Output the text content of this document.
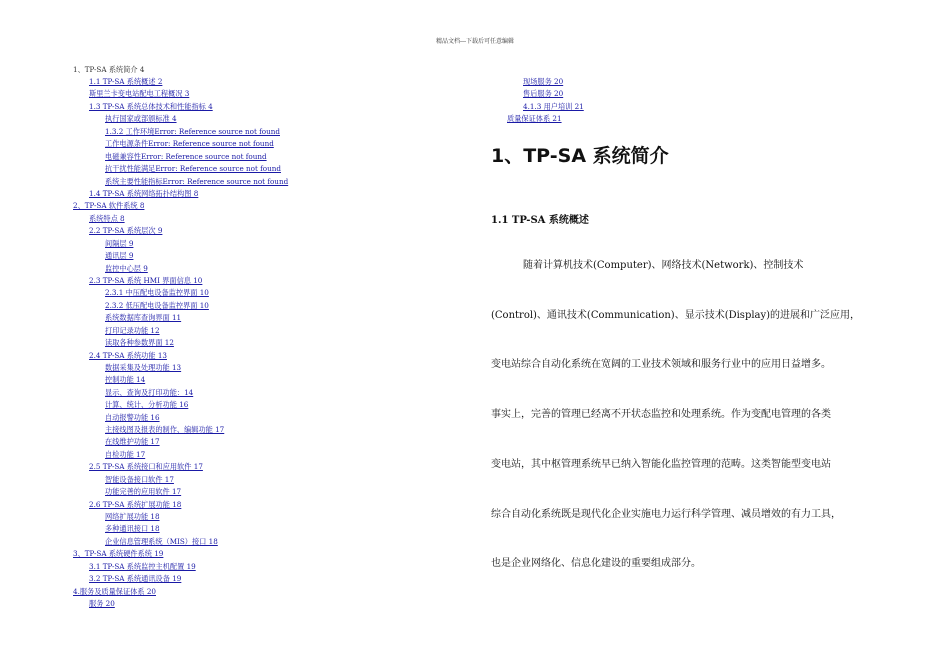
精品文档---下载后可任意编辑
1、TP-SA 系统简介 4
1.1 TP-SA 系统概述 2
斯里兰卡变电站配电工程概况 3
1.3 TP-SA 系统总体技术和性能指标 4
执行国家或部颁标准 4
1.3.2 工作环境Error: Reference source not found
工作电源条件Error: Reference source not found
电磁兼容性Error: Reference source not found
抗干扰性能满足Error: Reference source not found
系统主要性能指标Error: Reference source not found
1.4 TP-SA 系统网络拓扑结构图 8
2、TP-SA 软件系统 8
系统特点 8
2.2 TP-SA 系统层次 9
间隔层 9
通讯层 9
监控中心层 9
2.3 TP-SA 系统 HMI 界面信息 10
2.3.1 中压配电设备监控界面 10
2.3.2 低压配电设备监控界面 10
系统数据库查询界面 11
打印记录功能 12
读取各种参数界面 12
2.4 TP-SA 系统功能 13
数据采集及处理功能 13
控制功能 14
显示、查询及打印功能：14
计算、统计、分析功能 16
自动报警功能 16
主接线图及报表的制作、编辑功能 17
在线维护功能 17
自检功能 17
2.5 TP-SA 系统接口和应用软件 17
智能设备接口软件 17
功能完善的应用软件 17
2.6 TP-SA 系统扩展功能 18
网络扩展功能 18
多种通讯接口 18
企业信息管理系统（MIS）接口 18
3、TP-SA 系统硬件系统 19
3.1 TP-SA 系统监控主机配置 19
3.2 TP-SA 系统通讯设备 19
4.服务及质量保证体系 20
服务 20
现场服务 20
售后服务 20
4.1.3 用户培训 21
质量保证体系 21
1、TP-SA 系统简介
1.1 TP-SA 系统概述
随着计算机技术(Computer)、网络技术(Network)、控制技术
(Control)、通讯技术(Communication)、显示技术(Display)的进展和广泛应用，
变电站综合自动化系统在宽阔的工业技术领域和服务行业中的应用日益增多。
事实上，完善的管理已经离不开状态监控和处理系统。作为变配电管理的各类
变电站，其中枢管理系统早已纳入智能化监控管理的范畴。这类智能型变电站
综合自动化系统既是现代化企业实施电力运行科学管理、减员增效的有力工具，
也是企业网络化、信息化建设的重要组成部分。
